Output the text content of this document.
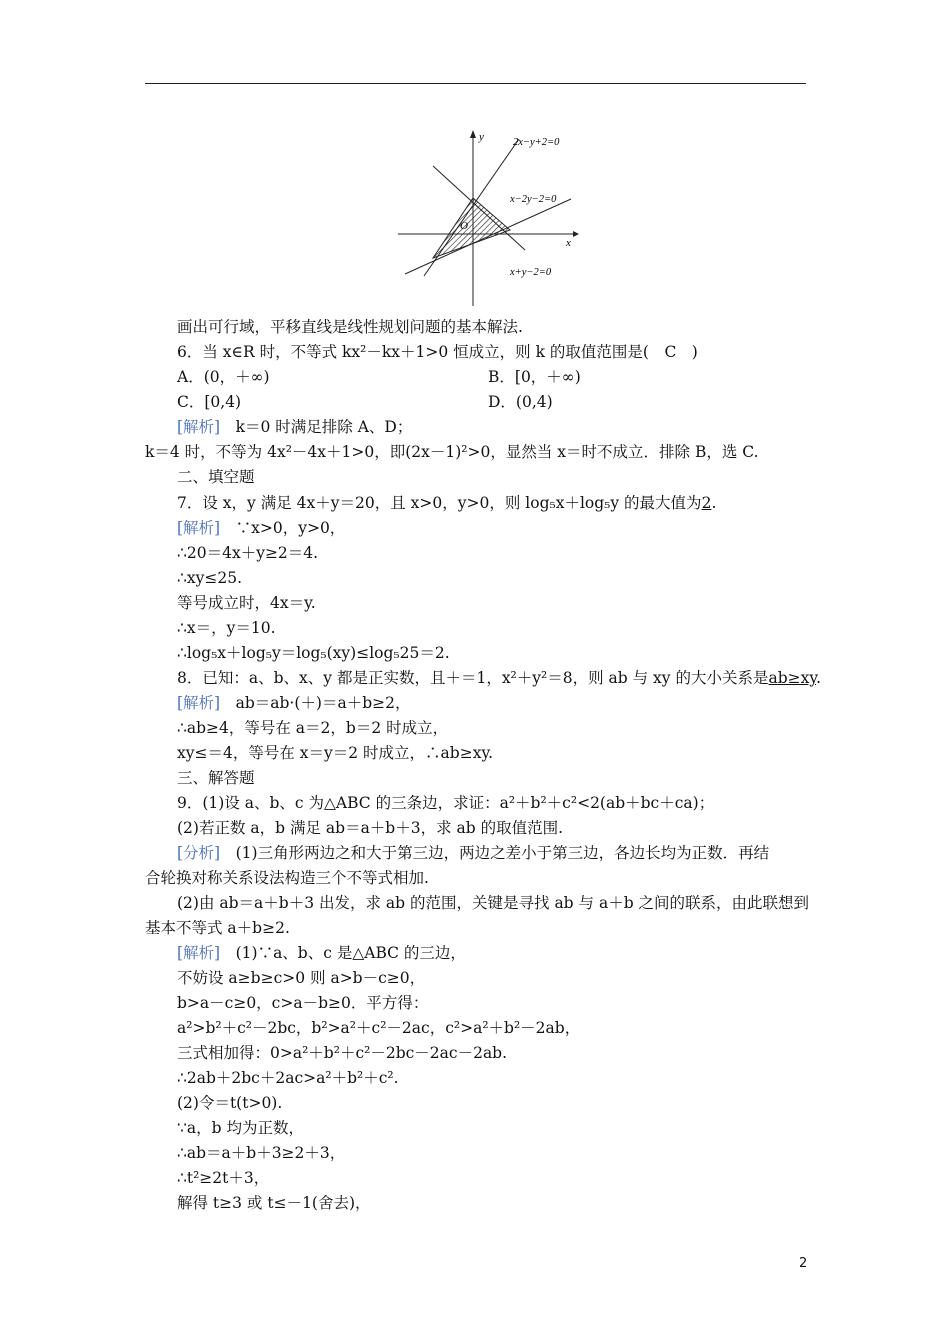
y
x
O
2x−y+2=0
x−2y−2=0
x+y−2=0
画出可行域，平移直线是线性规划问题的基本解法.
6．当 x∈R 时，不等式 kx²－kx＋1>0 恒成立，则 k 的取值范围是(　C　)
A．(0，＋∞)	B．[0，＋∞)
C．[0,4)	D．(0,4)
[解析]　k＝0 时满足排除 A、D；
k＝4 时，不等为 4x²－4x＋1>0，即(2x－1)²>0，显然当 x＝时不成立．排除 B，选 C.
二、填空题
7．设 x，y 满足 4x＋y＝20，且 x>0，y>0，则 log₅x＋log₅y 的最大值为2.
[解析]　∵x>0，y>0，
∴20＝4x＋y≥2＝4.
∴xy≤25.
等号成立时，4x＝y.
∴x＝，y＝10.
∴log₅x＋log₅y＝log₅(xy)≤log₅25＝2.
8．已知：a、b、x、y 都是正实数，且＋＝1，x²＋y²＝8，则 ab 与 xy 的大小关系是ab≥xy.
[解析]　ab＝ab·(＋)＝a＋b≥2，
∴ab≥4，等号在 a＝2，b＝2 时成立，
xy≤＝4，等号在 x＝y＝2 时成立，∴ab≥xy.
三、解答题
9．(1)设 a、b、c 为△ABC 的三条边，求证：a²＋b²＋c²<2(ab＋bc＋ca)；
(2)若正数 a，b 满足 ab＝a＋b＋3，求 ab 的取值范围.
[分析]　(1)三角形两边之和大于第三边，两边之差小于第三边，各边长均为正数．再结
合轮换对称关系设法构造三个不等式相加.
(2)由 ab＝a＋b＋3 出发，求 ab 的范围，关键是寻找 ab 与 a＋b 之间的联系，由此联想到
基本不等式 a＋b≥2.
[解析]　(1)∵a、b、c 是△ABC 的三边，
不妨设 a≥b≥c>0 则 a>b－c≥0，
b>a－c≥0，c>a－b≥0．平方得：
a²>b²＋c²－2bc，b²>a²＋c²－2ac，c²>a²＋b²－2ab，
三式相加得：0>a²＋b²＋c²－2bc－2ac－2ab.
∴2ab＋2bc＋2ac>a²＋b²＋c².
(2)令＝t(t>0).
∵a，b 均为正数，
∴ab＝a＋b＋3≥2＋3，
∴t²≥2t＋3，
解得 t≥3 或 t≤－1(舍去)，
2
